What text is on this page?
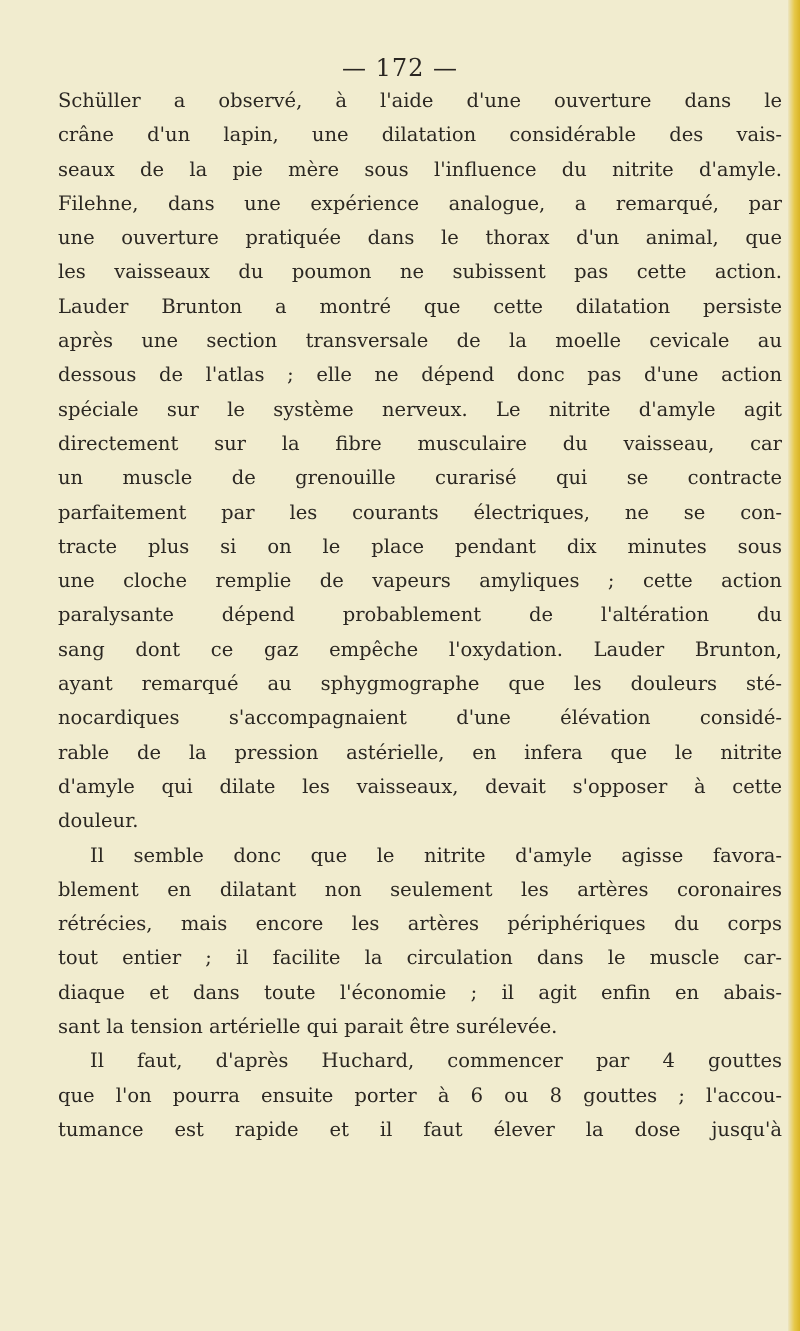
— 172 —
Schüller a observé, à l'aide d'une ouverture dans le
crâne d'un lapin, une dilatation considérable des vais-
seaux de la pie mère sous l'influence du nitrite d'amyle.
Filehne, dans une expérience analogue, a remarqué, par
une ouverture pratiquée dans le thorax d'un animal, que
les vaisseaux du poumon ne subissent pas cette action.
Lauder Brunton a montré que cette dilatation persiste
après une section transversale de la moelle cevicale au
dessous de l'atlas ; elle ne dépend donc pas d'une action
spéciale sur le système nerveux. Le nitrite d'amyle agit
directement sur la fibre musculaire du vaisseau, car
un muscle de grenouille curarisé qui se contracte
parfaitement par les courants électriques, ne se con-
tracte plus si on le place pendant dix minutes sous
une cloche remplie de vapeurs amyliques ; cette action
paralysante dépend probablement de l'altération du
sang dont ce gaz empêche l'oxydation. Lauder Brunton,
ayant remarqué au sphygmographe que les douleurs sté-
nocardiques s'accompagnaient d'une élévation considé-
rable de la pression astérielle, en infera que le nitrite
d'amyle qui dilate les vaisseaux, devait s'opposer à cette
douleur.
Il semble donc que le nitrite d'amyle agisse favora-
blement en dilatant non seulement les artères coronaires
rétrécies, mais encore les artères périphériques du corps
tout entier ; il facilite la circulation dans le muscle car-
diaque et dans toute l'économie ; il agit enfin en abais-
sant la tension artérielle qui parait être surélevée.
Il faut, d'après Huchard, commencer par 4 gouttes
que l'on pourra ensuite porter à 6 ou 8 gouttes ; l'accou-
tumance est rapide et il faut élever la dose jusqu'à
